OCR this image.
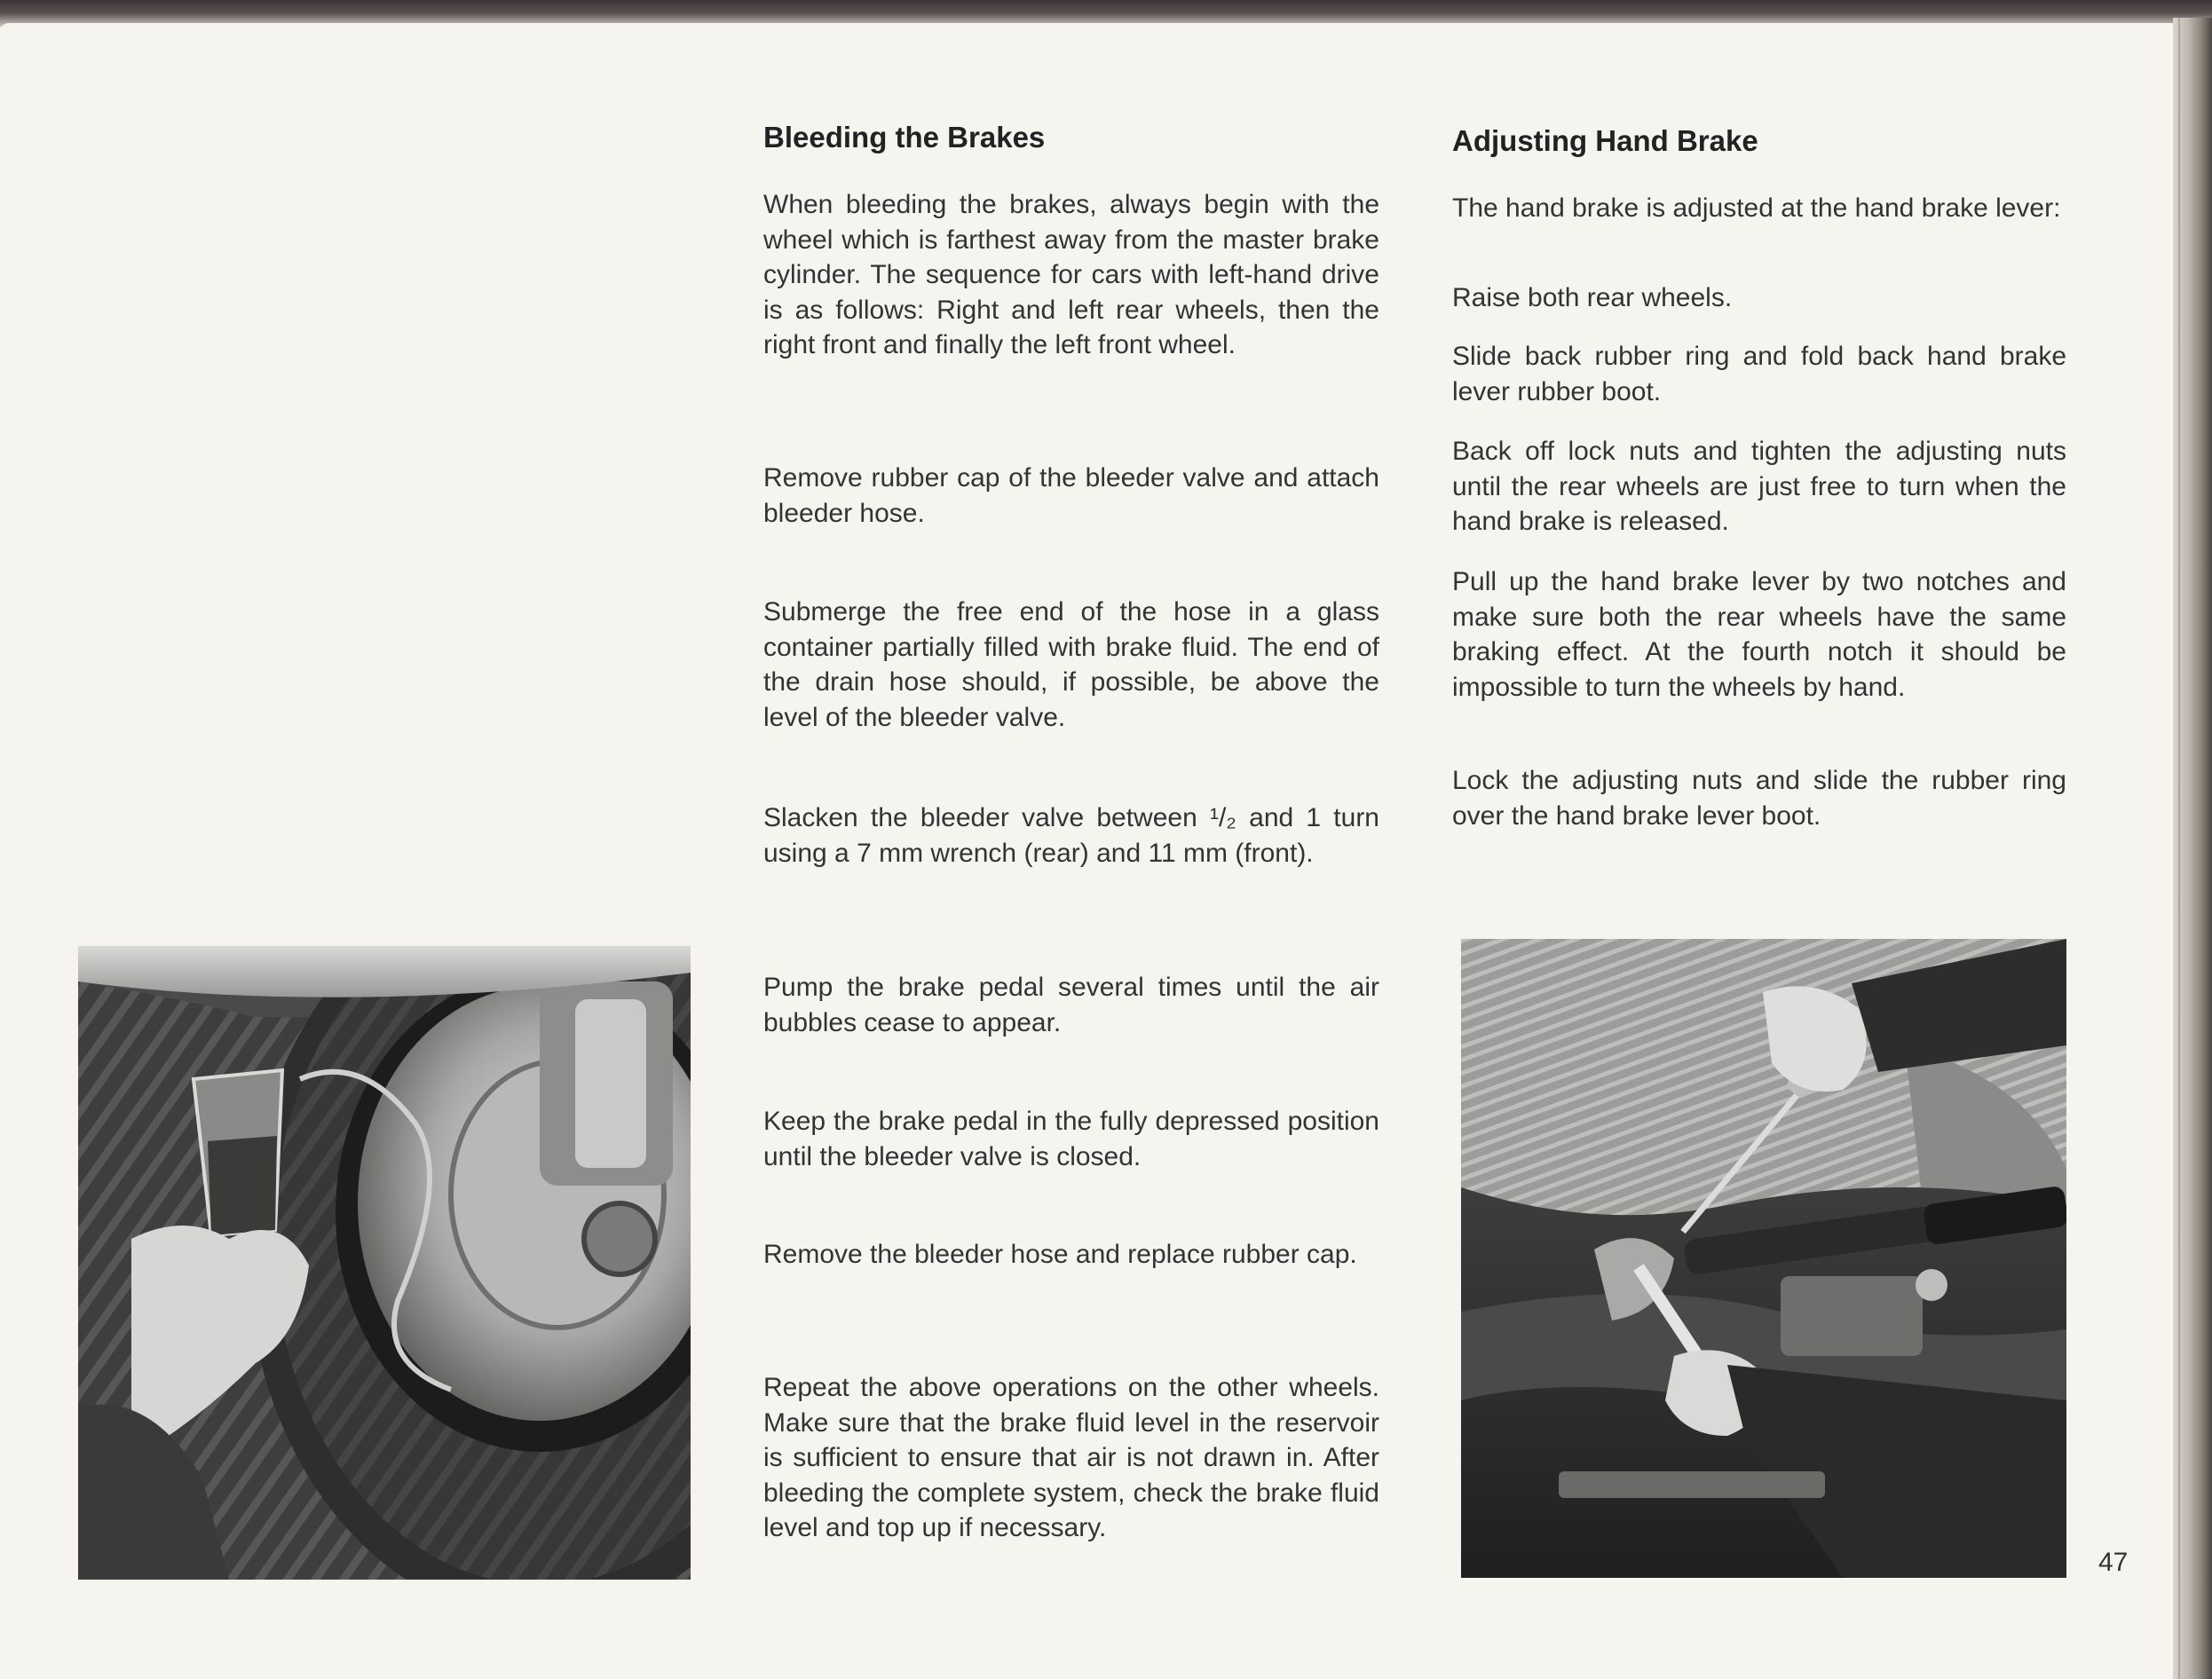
Bleeding the Brakes

When bleeding the brakes, always begin with the wheel which is farthest away from the master brake cylinder. The sequence for cars with left-hand drive is as follows: Right and left rear wheels, then the right front and finally the left front wheel.

Remove rubber cap of the bleeder valve and attach bleeder hose.

Submerge the free end of the hose in a glass container partially filled with brake fluid. The end of the drain hose should, if possible, be above the level of the bleeder valve.

Slacken the bleeder valve between ¹/₂ and 1 turn using a 7 mm wrench (rear) and 11 mm (front).

Pump the brake pedal several times until the air bubbles cease to appear.

Keep the brake pedal in the fully depressed position until the bleeder valve is closed.

Remove the bleeder hose and replace rubber cap.

Repeat the above operations on the other wheels. Make sure that the brake fluid level in the reservoir is sufficient to ensure that air is not drawn in. After bleeding the complete system, check the brake fluid level and top up if necessary.

Adjusting Hand Brake

The hand brake is adjusted at the hand brake lever:

Raise both rear wheels.

Slide back rubber ring and fold back hand brake lever rubber boot.

Back off lock nuts and tighten the adjusting nuts until the rear wheels are just free to turn when the hand brake is released.

Pull up the hand brake lever by two notches and make sure both the rear wheels have the same braking effect. At the fourth notch it should be impossible to turn the wheels by hand.

Lock the adjusting nuts and slide the rubber ring over the hand brake lever boot.

47
